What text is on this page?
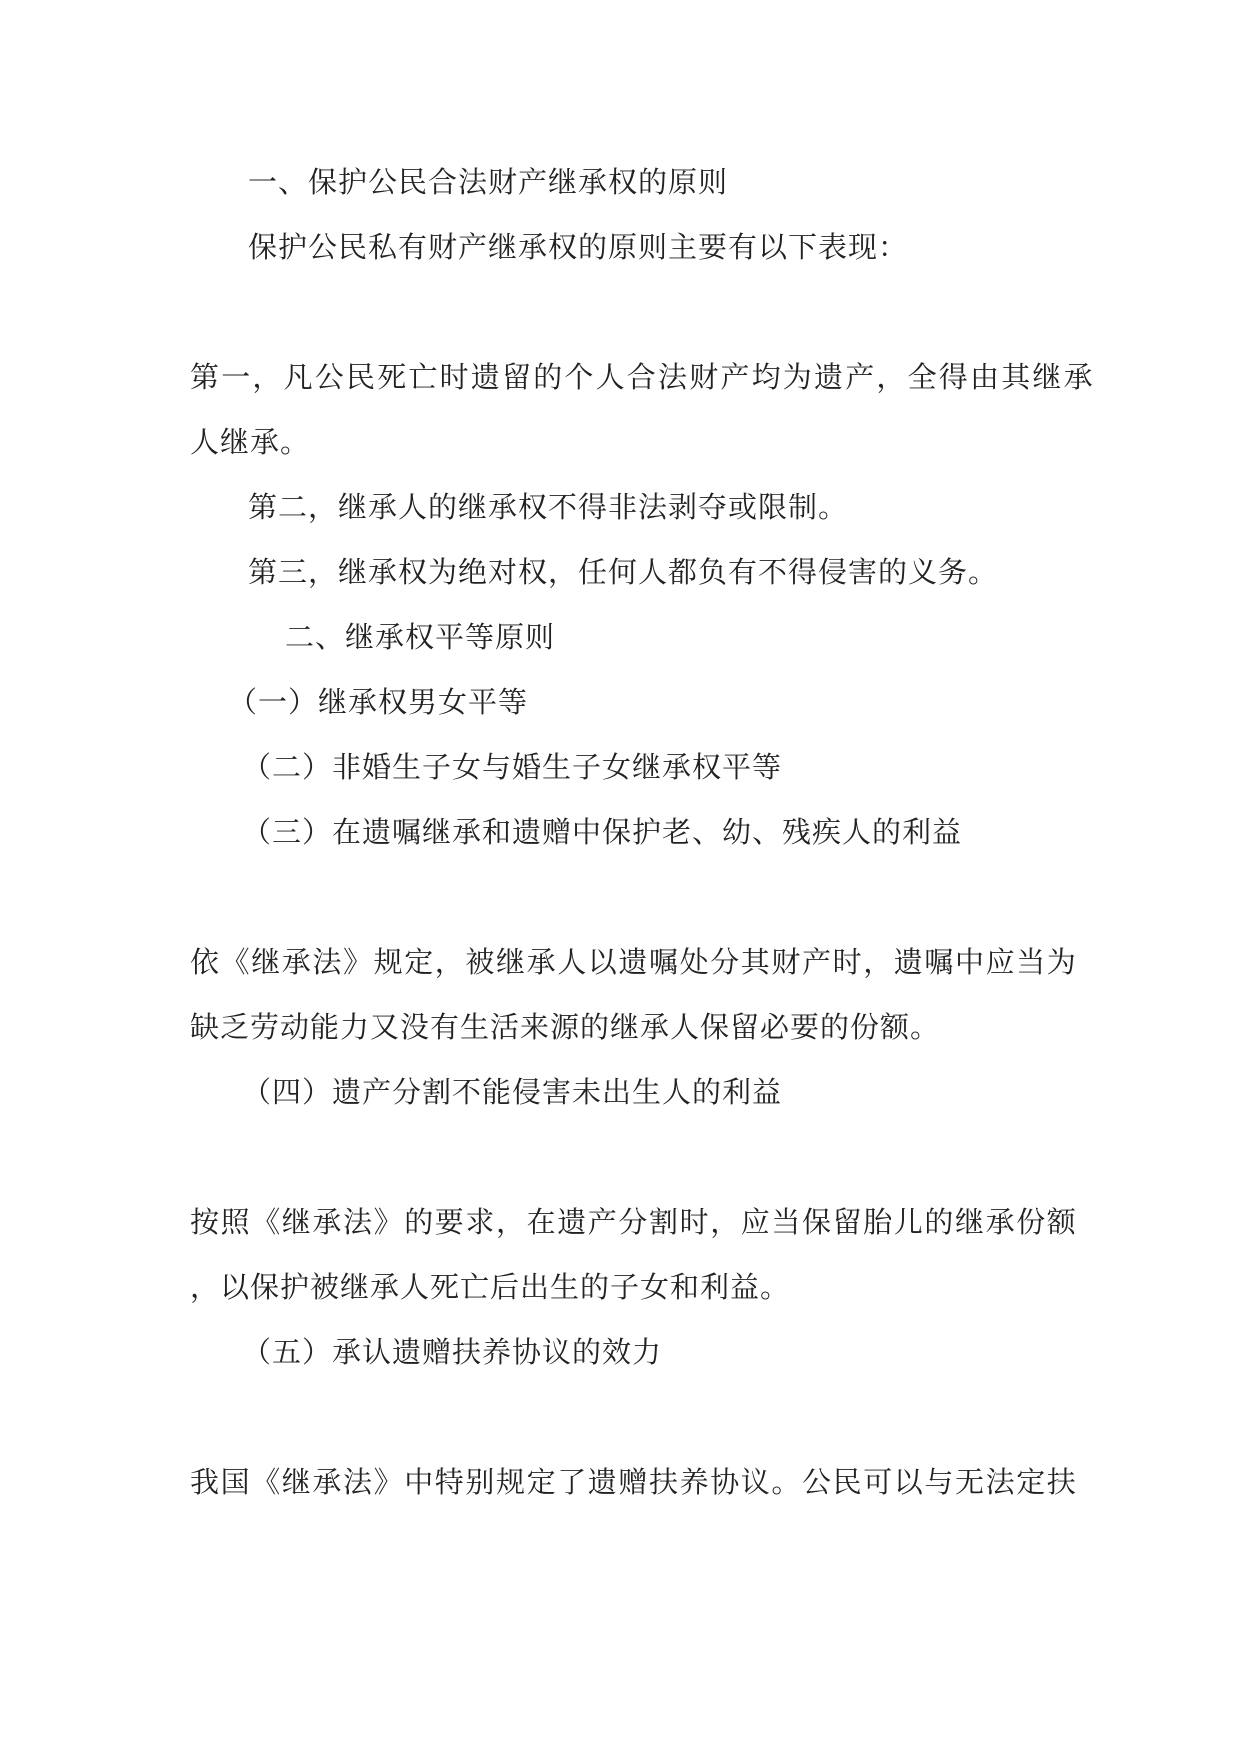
一、保护公民合法财产继承权的原则
保护公民私有财产继承权的原则主要有以下表现：
第一，凡公民死亡时遗留的个人合法财产均为遗产，全得由其继承
人继承。
第二，继承人的继承权不得非法剥夺或限制。
第三，继承权为绝对权，任何人都负有不得侵害的义务。
二、继承权平等原则
（一）继承权男女平等
（二）非婚生子女与婚生子女继承权平等
（三）在遗嘱继承和遗赠中保护老、幼、残疾人的利益
依《继承法》规定，被继承人以遗嘱处分其财产时，遗嘱中应当为
缺乏劳动能力又没有生活来源的继承人保留必要的份额。
（四）遗产分割不能侵害未出生人的利益
按照《继承法》的要求，在遗产分割时，应当保留胎儿的继承份额
，以保护被继承人死亡后出生的子女和利益。
（五）承认遗赠扶养协议的效力
我国《继承法》中特别规定了遗赠扶养协议。公民可以与无法定扶
